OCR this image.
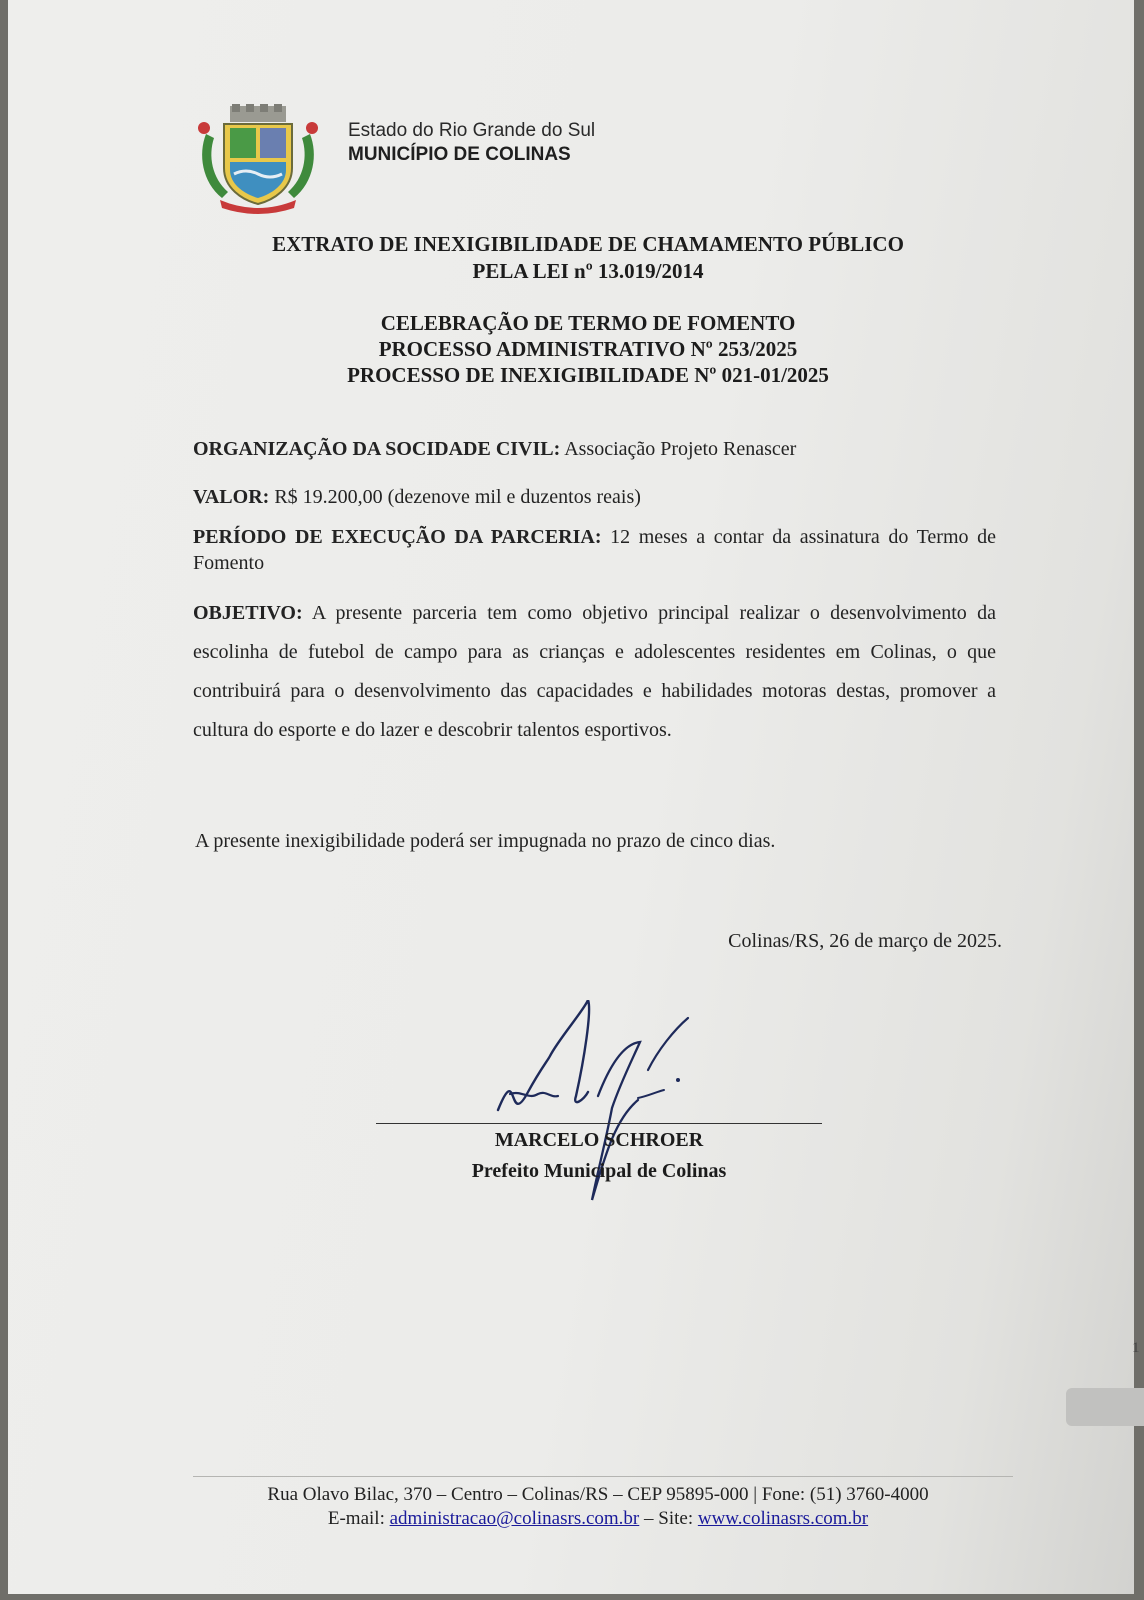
Estado do Rio Grande do Sul
MUNICÍPIO DE COLINAS
EXTRATO DE INEXIGIBILIDADE DE CHAMAMENTO PÚBLICO
PELA LEI nº 13.019/2014
CELEBRAÇÃO DE TERMO DE FOMENTO
PROCESSO ADMINISTRATIVO Nº 253/2025
PROCESSO DE INEXIGIBILIDADE Nº 021-01/2025
ORGANIZAÇÃO DA SOCIDADE CIVIL: Associação Projeto Renascer
VALOR: R$ 19.200,00 (dezenove mil e duzentos reais)
PERÍODO DE EXECUÇÃO DA PARCERIA: 12 meses a contar da assinatura do Termo de Fomento
OBJETIVO: A presente parceria tem como objetivo principal realizar o desenvolvimento da escolinha de futebol de campo para as crianças e adolescentes residentes em Colinas, o que contribuirá para o desenvolvimento das capacidades e habilidades motoras destas, promover a cultura do esporte e do lazer e descobrir talentos esportivos.
A presente inexigibilidade poderá ser impugnada no prazo de cinco dias.
Colinas/RS, 26 de março de 2025.
MARCELO SCHROER
Prefeito Municipal de Colinas
1
Rua Olavo Bilac, 370 – Centro – Colinas/RS – CEP 95895-000 | Fone: (51) 3760-4000
E-mail: administracao@colinasrs.com.br – Site: www.colinasrs.com.br
